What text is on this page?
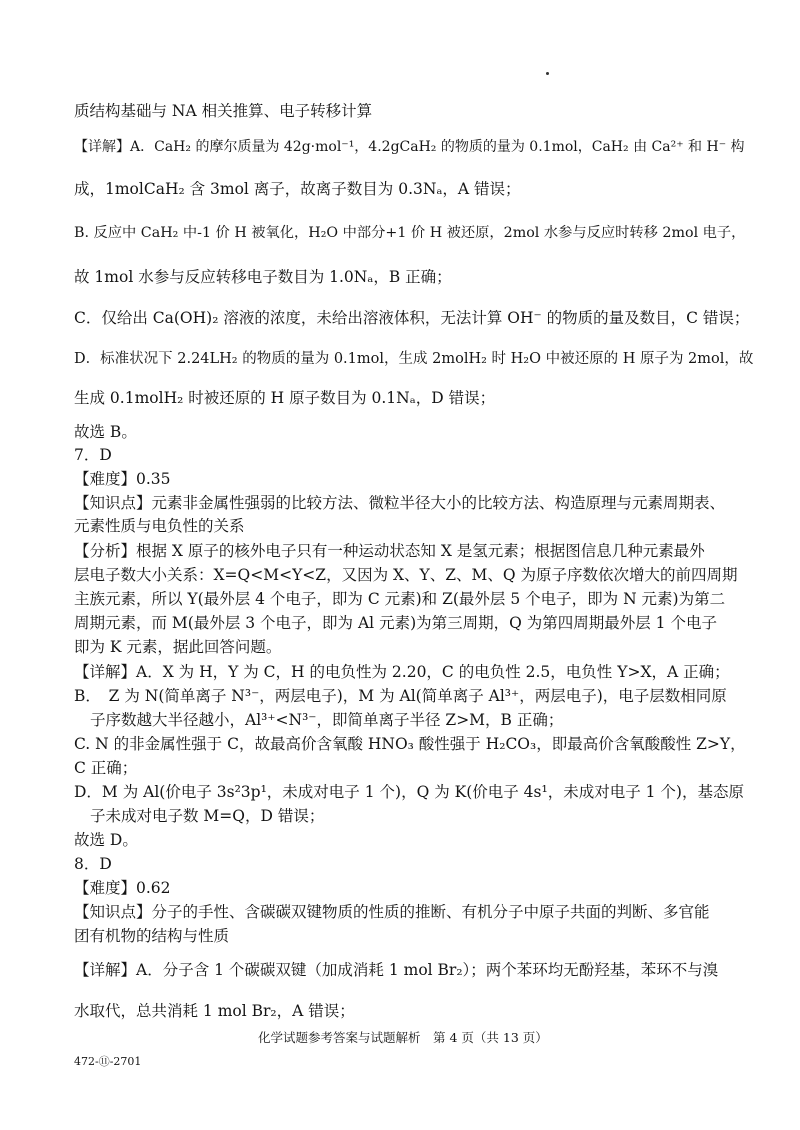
质结构基础与 NA 相关推算、电子转移计算
【详解】A．CaH₂ 的摩尔质量为 42g·mol⁻¹，4.2gCaH₂ 的物质的量为 0.1mol，CaH₂ 由 Ca²⁺ 和 H⁻ 构
成，1molCaH₂ 含 3mol 离子，故离子数目为 0.3Nₐ，A 错误；
B. 反应中 CaH₂ 中-1 价 H 被氧化，H₂O 中部分+1 价 H 被还原，2mol 水参与反应时转移 2mol 电子，
故 1mol 水参与反应转移电子数目为 1.0Nₐ，B 正确；
C．仅给出 Ca(OH)₂ 溶液的浓度，未给出溶液体积，无法计算 OH⁻ 的物质的量及数目，C 错误；
D．标准状况下 2.24LH₂ 的物质的量为 0.1mol，生成 2molH₂ 时 H₂O 中被还原的 H 原子为 2mol，故
生成 0.1molH₂ 时被还原的 H 原子数目为 0.1Nₐ，D 错误；
故选 B。
7．D
【难度】0.35
【知识点】元素非金属性强弱的比较方法、微粒半径大小的比较方法、构造原理与元素周期表、
元素性质与电负性的关系
【分析】根据 X 原子的核外电子只有一种运动状态知 X 是氢元素；根据图信息几种元素最外
层电子数大小关系：X=Q<M<Y<Z，又因为 X、Y、Z、M、Q 为原子序数依次增大的前四周期
主族元素，所以 Y(最外层 4 个电子，即为 C 元素)和 Z(最外层 5 个电子，即为 N 元素)为第二
周期元素，而 M(最外层 3 个电子，即为 Al 元素)为第三周期，Q 为第四周期最外层 1 个电子
即为 K 元素，据此回答问题。
【详解】A．X 为 H，Y 为 C，H 的电负性为 2.20，C 的电负性 2.5，电负性 Y>X，A 正确；
B．　Z 为 N(简单离子 N³⁻，两层电子)，M 为 Al(简单离子 Al³⁺，两层电子)，电子层数相同原
子序数越大半径越小，Al³⁺<N³⁻，即简单离子半径 Z>M，B 正确；
C. N 的非金属性强于 C，故最高价含氧酸 HNO₃ 酸性强于 H₂CO₃，即最高价含氧酸酸性 Z>Y，
C 正确；
D．M 为 Al(价电子 3s²3p¹，未成对电子 1 个)，Q 为 K(价电子 4s¹，未成对电子 1 个)，基态原
子未成对电子数 M=Q，D 错误；
故选 D。
8．D
【难度】0.62
【知识点】分子的手性、含碳碳双键物质的性质的推断、有机分子中原子共面的判断、多官能
团有机物的结构与性质
【详解】A．分子含 1 个碳碳双键（加成消耗 1 mol Br₂）；两个苯环均无酚羟基，苯环不与溴
水取代，总共消耗 1 mol Br₂，A 错误；
化学试题参考答案与试题解析　第 4 页（共 13 页）
472-⑪-2701
